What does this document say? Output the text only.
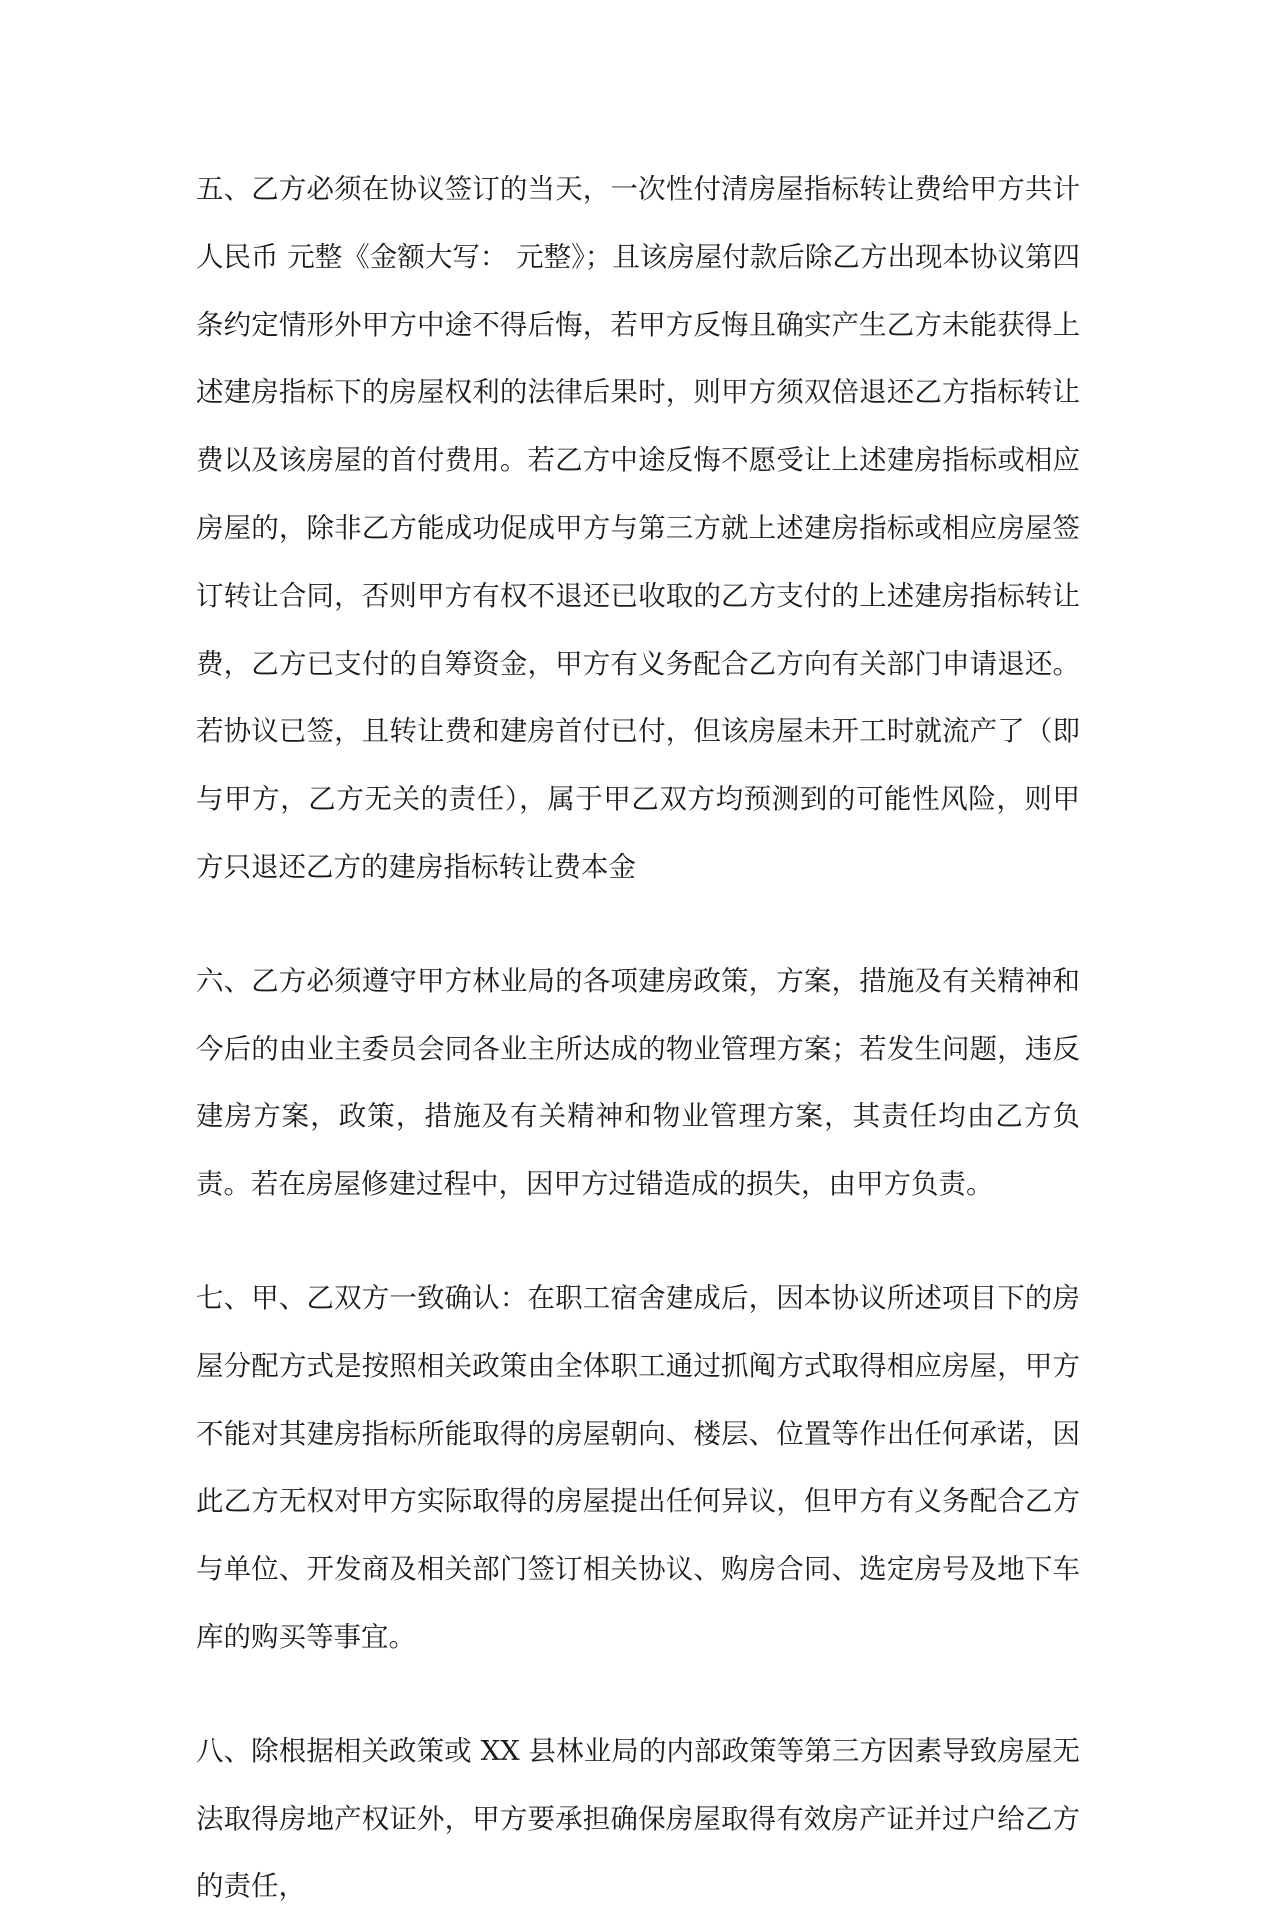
五、乙方必须在协议签订的当天，一次性付清房屋指标转让费给甲方共计人民币 元整《金额大写： 元整》；且该房屋付款后除乙方出现本协议第四条约定情形外甲方中途不得后悔，若甲方反悔且确实产生乙方未能获得上述建房指标下的房屋权利的法律后果时，则甲方须双倍退还乙方指标转让费以及该房屋的首付费用。若乙方中途反悔不愿受让上述建房指标或相应房屋的，除非乙方能成功促成甲方与第三方就上述建房指标或相应房屋签订转让合同，否则甲方有权不退还已收取的乙方支付的上述建房指标转让费，乙方已支付的自筹资金，甲方有义务配合乙方向有关部门申请退还。若协议已签，且转让费和建房首付已付，但该房屋未开工时就流产了（即与甲方，乙方无关的责任），属于甲乙双方均预测到的可能性风险，则甲方只退还乙方的建房指标转让费本金

六、乙方必须遵守甲方林业局的各项建房政策，方案，措施及有关精神和今后的由业主委员会同各业主所达成的物业管理方案；若发生问题，违反建房方案，政策，措施及有关精神和物业管理方案，其责任均由乙方负责。若在房屋修建过程中，因甲方过错造成的损失，由甲方负责。

七、甲、乙双方一致确认：在职工宿舍建成后，因本协议所述项目下的房屋分配方式是按照相关政策由全体职工通过抓阄方式取得相应房屋，甲方不能对其建房指标所能取得的房屋朝向、楼层、位置等作出任何承诺，因此乙方无权对甲方实际取得的房屋提出任何异议，但甲方有义务配合乙方与单位、开发商及相关部门签订相关协议、购房合同、选定房号及地下车库的购买等事宜。

八、除根据相关政策或 XX 县林业局的内部政策等第三方因素导致房屋无法取得房地产权证外，甲方要承担确保房屋取得有效房产证并过户给乙方的责任，
